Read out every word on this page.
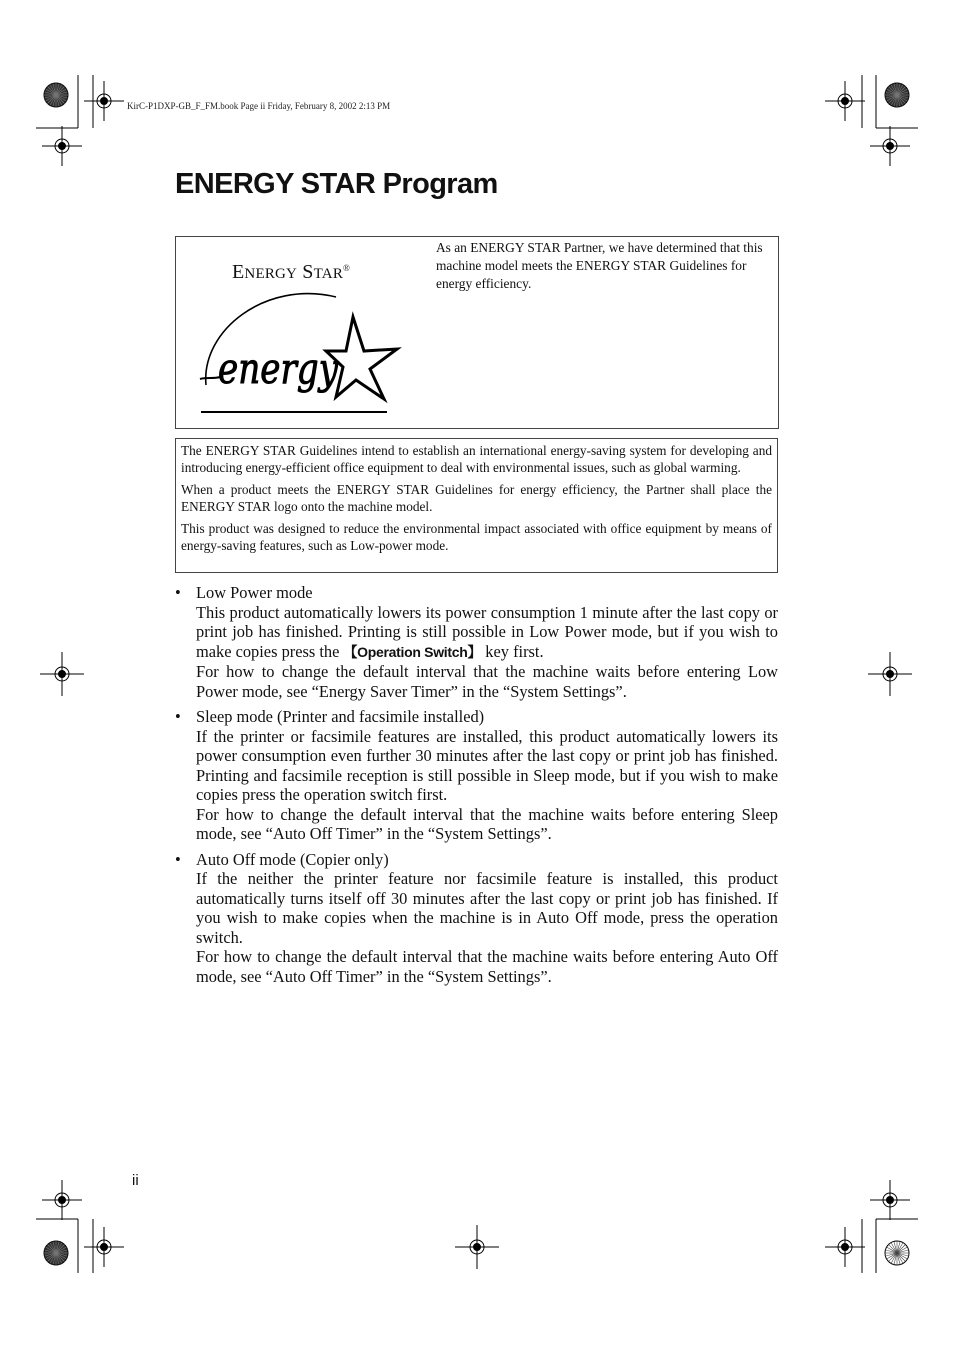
KirC-P1DXP-GB_F_FM.book Page ii Friday, February 8, 2002 2:13 PM
ENERGY STAR Program
ENERGY STAR®
energy
As an ENERGY STAR Partner, we have determined that this machine model meets the ENERGY STAR Guidelines for energy efficiency.

The ENERGY STAR Guidelines intend to establish an international energy-saving system for developing and introducing energy-efficient office equipment to deal with environmental issues, such as global warming.

When a product meets the ENERGY STAR Guidelines for energy efficiency, the Partner shall place the ENERGY STAR logo onto the machine model.

This product was designed to reduce the environmental impact associated with office equipment by means of energy-saving features, such as Low-power mode.

• Low Power mode
This product automatically lowers its power consumption 1 minute after the last copy or print job has finished. Printing is still possible in Low Power mode, but if you wish to make copies press the 【Operation Switch】 key first.
For how to change the default interval that the machine waits before entering Low Power mode, see “Energy Saver Timer” in the “System Settings”.
• Sleep mode (Printer and facsimile installed)
If the printer or facsimile features are installed, this product automatically lowers its power consumption even further 30 minutes after the last copy or print job has finished. Printing and facsimile reception is still possible in Sleep mode, but if you wish to make copies press the operation switch first.
For how to change the default interval that the machine waits before entering Sleep mode, see “Auto Off Timer” in the “System Settings”.
• Auto Off mode (Copier only)
If the neither the printer feature nor facsimile feature is installed, this product automatically turns itself off 30 minutes after the last copy or print job has finished. If you wish to make copies when the machine is in Auto Off mode, press the operation switch.
For how to change the default interval that the machine waits before entering Auto Off mode, see “Auto Off Timer” in the “System Settings”.
ii
